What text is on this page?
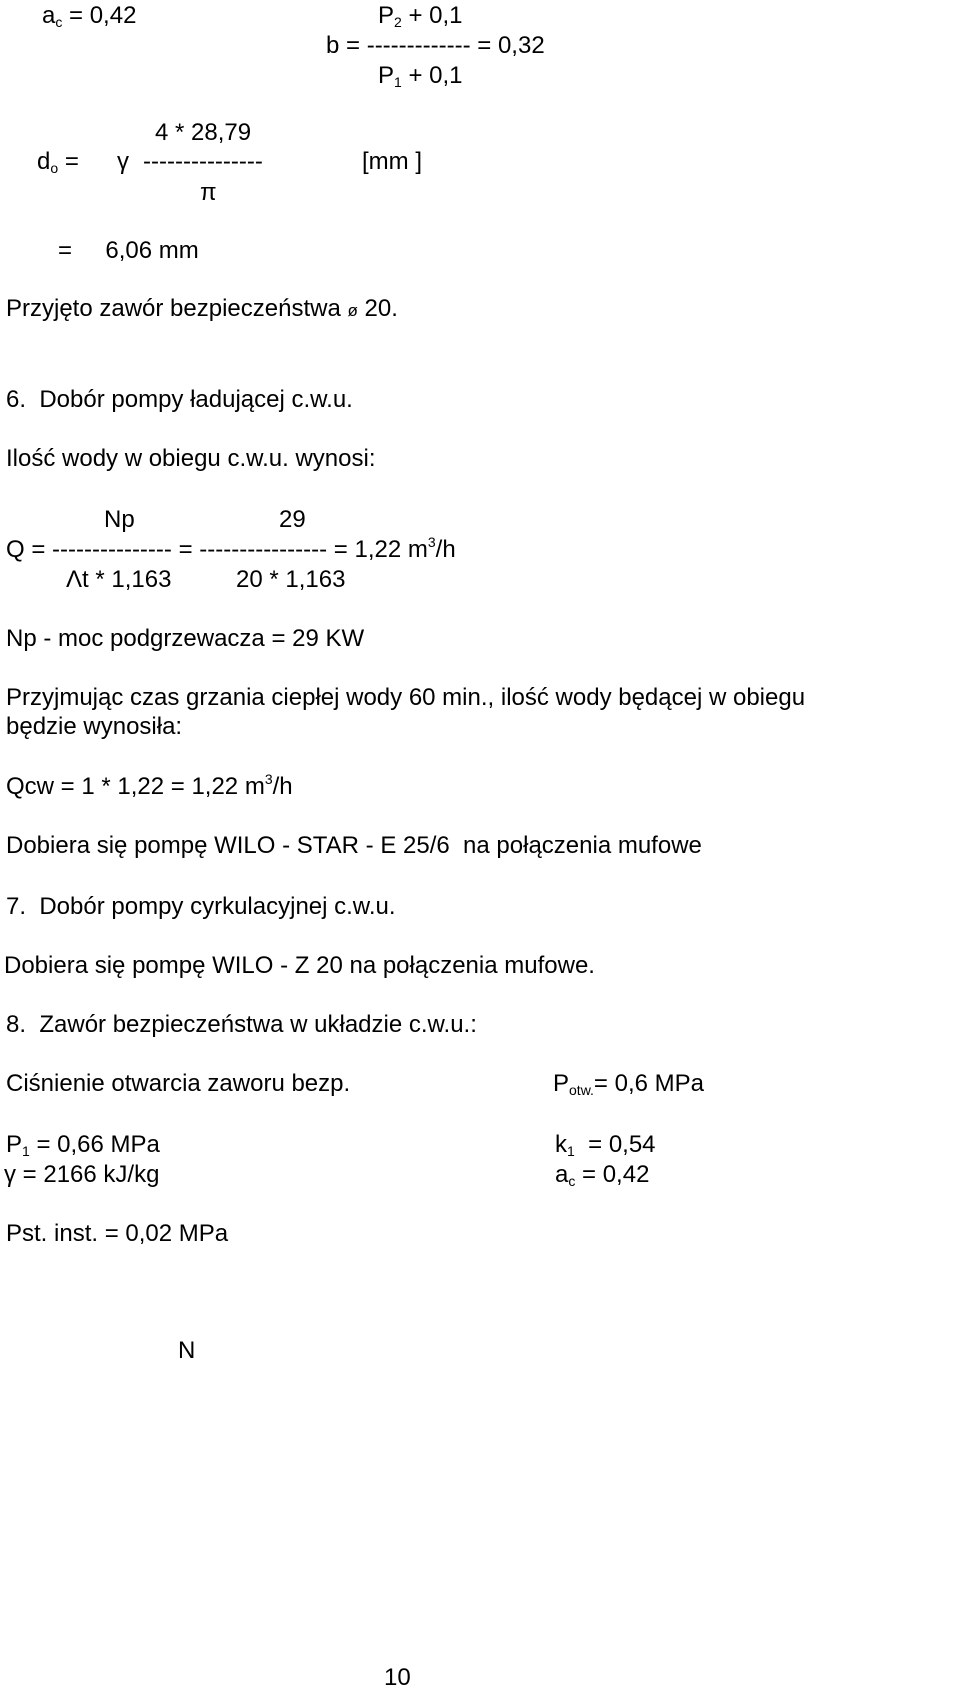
$a_c = 0,42$	$P_2 + 0,1$
b = ------------- = 0,32
$P_1 + 0,1$
4 * 28,79
$d_o = \gamma$ ---------------	[mm ]
π
=     6,06 mm
Przyjęto zawór bezpieczeństwa ø 20.
6.  Dobór pompy ładującej c.w.u.
Ilość wody w obiegu c.w.u. wynosi:
Np	29
Q = --------------- = ---------------- = 1,22 $m^3/h$
Λt * 1,163	20 * 1,163
Np - moc podgrzewacza = 29 KW
Przyjmując czas grzania ciepłej wody 60 min., ilość wody będącej w obiegu
będzie wynosiła:
Qcw = 1 * 1,22 = 1,22 $m^3/h$
Dobiera się pompę WILO - STAR - E 25/6  na połączenia mufowe
7.  Dobór pompy cyrkulacyjnej c.w.u.
Dobiera się pompę WILO - Z 20 na połączenia mufowe.
8.  Zawór bezpieczeństwa w układzie c.w.u.:
Ciśnienie otwarcia zaworu bezp.	$P_{otw.}= 0,6$ MPa
$P_1 = 0,66$ MPa	$k_1 = 0,54$
γ = 2166 kJ/kg	$a_c = 0,42$
Pst. inst. = 0,02 MPa
N
10
